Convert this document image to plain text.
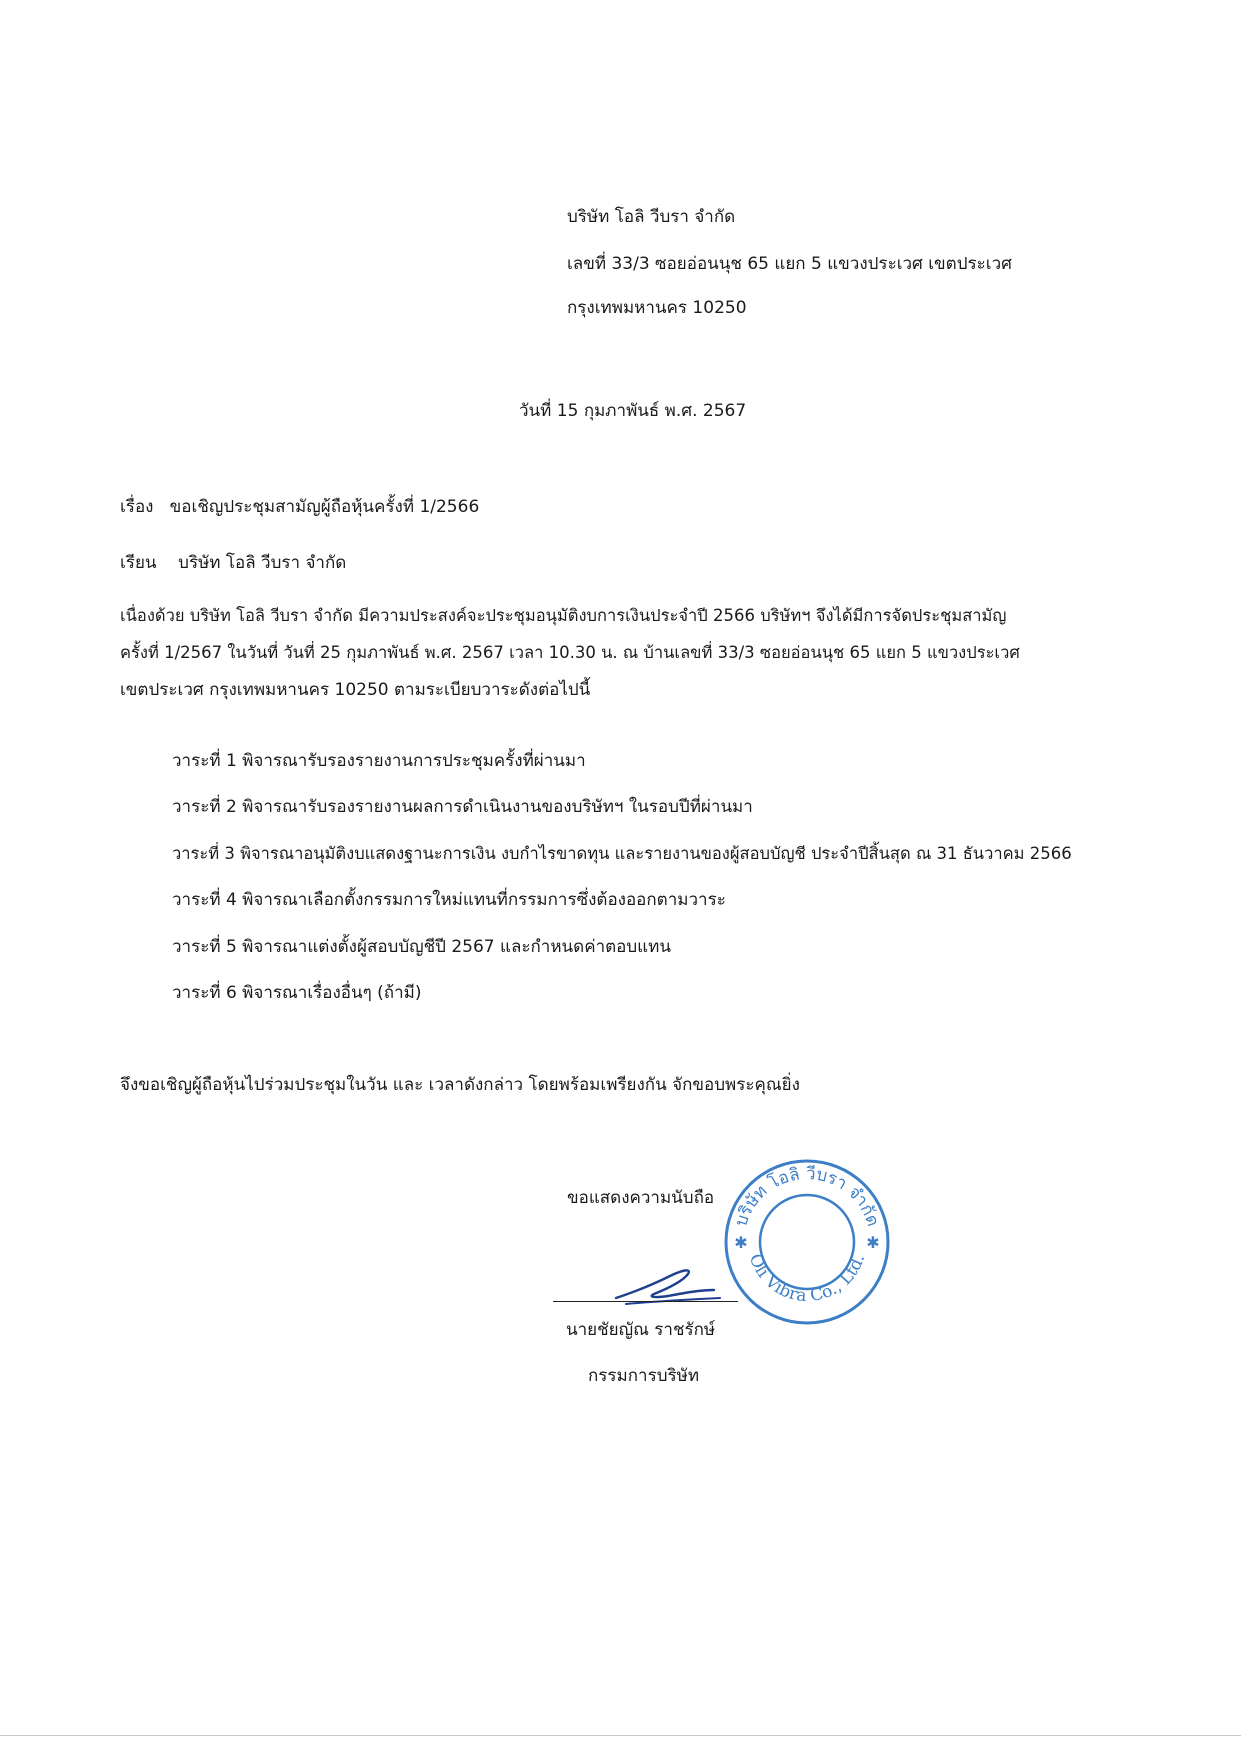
บริษัท โอลิ วีบรา จำกัด
เลขที่ 33/3 ซอยอ่อนนุช 65 แยก 5 แขวงประเวศ เขตประเวศ
กรุงเทพมหานคร 10250
วันที่ 15 กุมภาพันธ์ พ.ศ. 2567
เรื่อง ขอเชิญประชุมสามัญผู้ถือหุ้นครั้งที่ 1/2566
เรียน บริษัท โอลิ วีบรา จำกัด
เนื่องด้วย บริษัท โอลิ วีบรา จำกัด มีความประสงค์จะประชุมอนุมัติงบการเงินประจำปี 2566 บริษัทฯ จึงได้มีการจัดประชุมสามัญ
ครั้งที่ 1/2567 ในวันที่ วันที่ 25 กุมภาพันธ์ พ.ศ. 2567 เวลา 10.30 น. ณ บ้านเลขที่ 33/3 ซอยอ่อนนุช 65 แยก 5 แขวงประเวศ
เขตประเวศ กรุงเทพมหานคร 10250 ตามระเบียบวาระดังต่อไปนี้
วาระที่ 1 พิจารณารับรองรายงานการประชุมครั้งที่ผ่านมา
วาระที่ 2 พิจารณารับรองรายงานผลการดำเนินงานของบริษัทฯ ในรอบปีที่ผ่านมา
วาระที่ 3 พิจารณาอนุมัติงบแสดงฐานะการเงิน งบกำไรขาดทุน และรายงานของผู้สอบบัญชี ประจำปีสิ้นสุด ณ 31 ธันวาคม 2566
วาระที่ 4 พิจารณาเลือกตั้งกรรมการใหม่แทนที่กรรมการซึ่งต้องออกตามวาระ
วาระที่ 5 พิจารณาแต่งตั้งผู้สอบบัญชีปี 2567 และกำหนดค่าตอบแทน
วาระที่ 6 พิจารณาเรื่องอื่นๆ (ถ้ามี)
จึงขอเชิญผู้ถือหุ้นไปร่วมประชุมในวัน และ เวลาดังกล่าว โดยพร้อมเพรียงกัน จักขอบพระคุณยิ่ง
ขอแสดงความนับถือ
นายชัยญัณ ราชรักษ์
กรรมการบริษัท
บริษัท โอลิ วีบรา จำกัด
Oli Vibra Co., Ltd.
✱	✱
